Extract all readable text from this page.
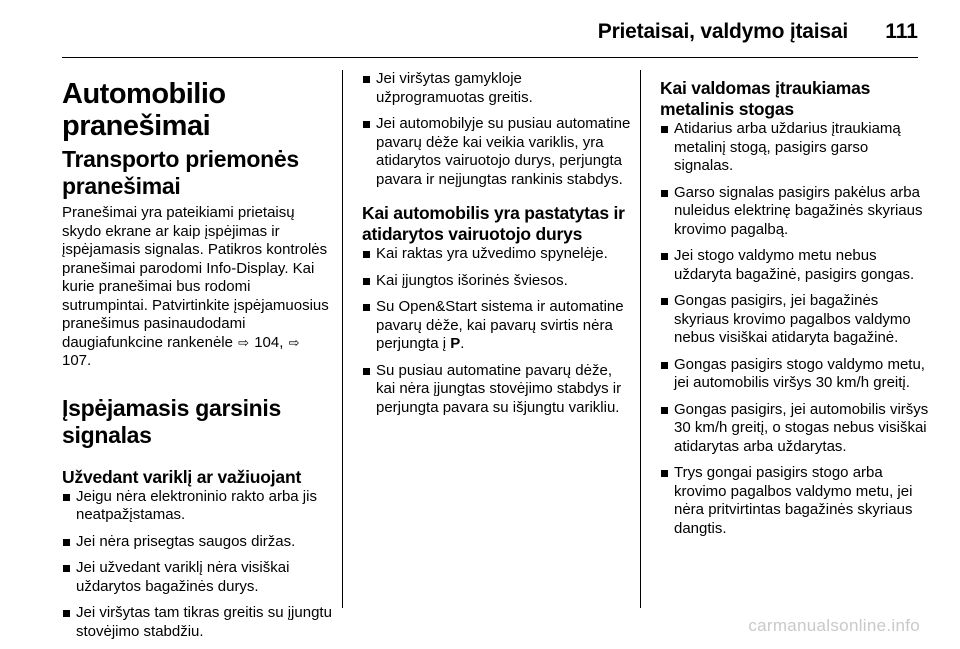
Prietaisai, valdymo įtaisai 111
Automobilio pranešimai
Transporto priemonės pranešimai

Pranešimai yra pateikiami prietaisų skydo ekrane ar kaip įspėjimas ir įspėjamasis signalas. Patikros kontrolės pranešimai parodomi Info-Display. Kai kurie pranešimai bus rodomi sutrumpintai. Patvirtinkite įspėjamuosius pranešimus pasinaudodami daugiafunkcine rankenėle ⇨ 104, ⇨ 107.

Įspėjamasis garsinis signalas
Užvedant variklį ar važiuojant
Jeigu nėra elektroninio rakto arba jis neatpažįstamas.
Jei nėra prisegtas saugos diržas.
Jei užvedant variklį nėra visiškai uždarytos bagažinės durys.
Jei viršytas tam tikras greitis su įjungtu stovėjimo stabdžiu.
Jei viršytas gamykloje užprogramuotas greitis.
Jei automobilyje su pusiau automatine pavarų dėže kai veikia variklis, yra atidarytos vairuotojo durys, perjungta pavara ir neįjungtas rankinis stabdys.
Kai automobilis yra pastatytas ir atidarytos vairuotojo durys
Kai raktas yra užvedimo spynelėje.
Kai įjungtos išorinės šviesos.
Su Open&Start sistema ir automatine pavarų dėže, kai pavarų svirtis nėra perjungta į P.
Su pusiau automatine pavarų dėže, kai nėra įjungtas stovėjimo stabdys ir perjungta pavara su išjungtu varikliu.
Kai valdomas įtraukiamas metalinis stogas
Atidarius arba uždarius įtraukiamą metalinį stogą, pasigirs garso signalas.
Garso signalas pasigirs pakėlus arba nuleidus elektrinę bagažinės skyriaus krovimo pagalbą.
Jei stogo valdymo metu nebus uždaryta bagažinė, pasigirs gongas.
Gongas pasigirs, jei bagažinės skyriaus krovimo pagalbos valdymo nebus visiškai atidaryta bagažinė.
Gongas pasigirs stogo valdymo metu, jei automobilis viršys 30 km/h greitį.
Gongas pasigirs, jei automobilis viršys 30 km/h greitį, o stogas nebus visiškai atidarytas arba uždarytas.
Trys gongai pasigirs stogo arba krovimo pagalbos valdymo metu, jei nėra pritvirtintas bagažinės skyriaus dangtis.
carmanualsonline.info
